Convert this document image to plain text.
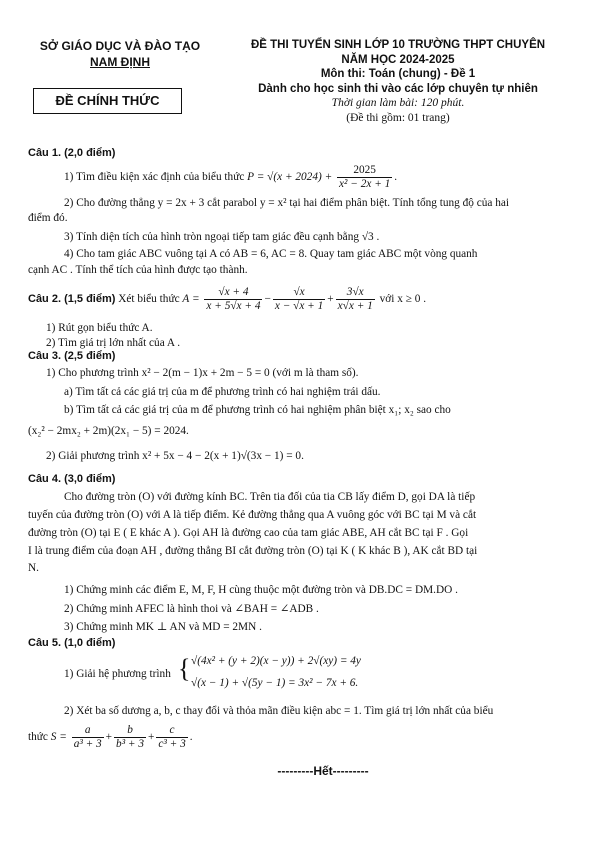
SỞ GIÁO DỤC VÀ ĐÀO TẠO
NAM ĐỊNH
ĐỀ CHÍNH THỨC
ĐỀ THI TUYỂN SINH LỚP 10 TRƯỜNG THPT CHUYÊN
NĂM HỌC 2024-2025
Môn thi: Toán (chung) - Đề 1
Dành cho học sinh thi vào các lớp chuyên tự nhiên
Thời gian làm bài: 120 phút.
(Đề thi gồm: 01 trang)
Câu 1. (2,0 điểm)
1) Tìm điều kiện xác định của biểu thức $P = √(x + 2024) + \frac{2025}{\text{x² − 2x + 1}}$ .
2) Cho đường thẳng y = 2x + 3 cắt parabol y = x² tại hai điểm phân biệt. Tính tổng tung độ của hai
điểm đó.
3) Tính diện tích của hình tròn ngoại tiếp tam giác đều cạnh bằng √3 .
4) Cho tam giác ABC vuông tại A có AB = 6, AC = 8. Quay tam giác ABC một vòng quanh
cạnh AC . Tính thể tích của hình được tạo thành.
Câu 2. (1,5 điểm) Xét biểu thức $A = \frac{√x + 4}{x + 5√x + 4} - \frac{√x}{x - √x + 1} + \frac{3√x}{x√x + 1}$ với x ≥ 0 .
1) Rút gọn biểu thức A.
2) Tìm giá trị lớn nhất của A .
Câu 3. (2,5 điểm)
1) Cho phương trình x² − 2(m − 1)x + 2m − 5 = 0 (với m là tham số).
a) Tìm tất cả các giá trị của m để phương trình có hai nghiệm trái dấu.
b) Tìm tất cả các giá trị của m để phương trình có hai nghiệm phân biệt x₁; x₂ sao cho
(x₂² − 2mx₂ + 2m)(2x₁ − 5) = 2024.
2) Giải phương trình x² + 5x − 4 − 2(x + 1)√(3x − 1) = 0.
Câu 4. (3,0 điểm)
Cho đường tròn (O) với đường kính BC. Trên tia đối của tia CB lấy điểm D, gọi DA là tiếp
tuyến của đường tròn (O) với A là tiếp điểm. Kẻ đường thẳng qua A vuông góc với BC tại M và cắt
đường tròn (O) tại E ( E khác A ). Gọi AH là đường cao của tam giác ABE, AH cắt BC tại F . Gọi
I là trung điểm của đoạn AH , đường thẳng BI cắt đường tròn (O) tại K ( K khác B ), AK cắt BD tại
N.
1) Chứng minh các điểm E, M, F, H cùng thuộc một đường tròn và DB.DC = DM.DO .
2) Chứng minh AFEC là hình thoi và ∠BAH = ∠ADB .
3) Chứng minh MK ⊥ AN và MD = 2MN .
Câu 5. (1,0 điểm)
1) Giải hệ phương trình { √(4x² + (y + 2)(x − y)) + 2√(xy) = 4y
√(x − 1) + √(5y − 1) = 3x² − 7x + 6.
2) Xét ba số dương a, b, c thay đổi và thỏa mãn điều kiện abc = 1. Tìm giá trị lớn nhất của biểu
thức $S = \frac{a}{\text{a³ + 3}} + \frac{b}{\text{b³ + 3}} + \frac{c}{\text{c³ + 3}}$ .
---------Hết---------
